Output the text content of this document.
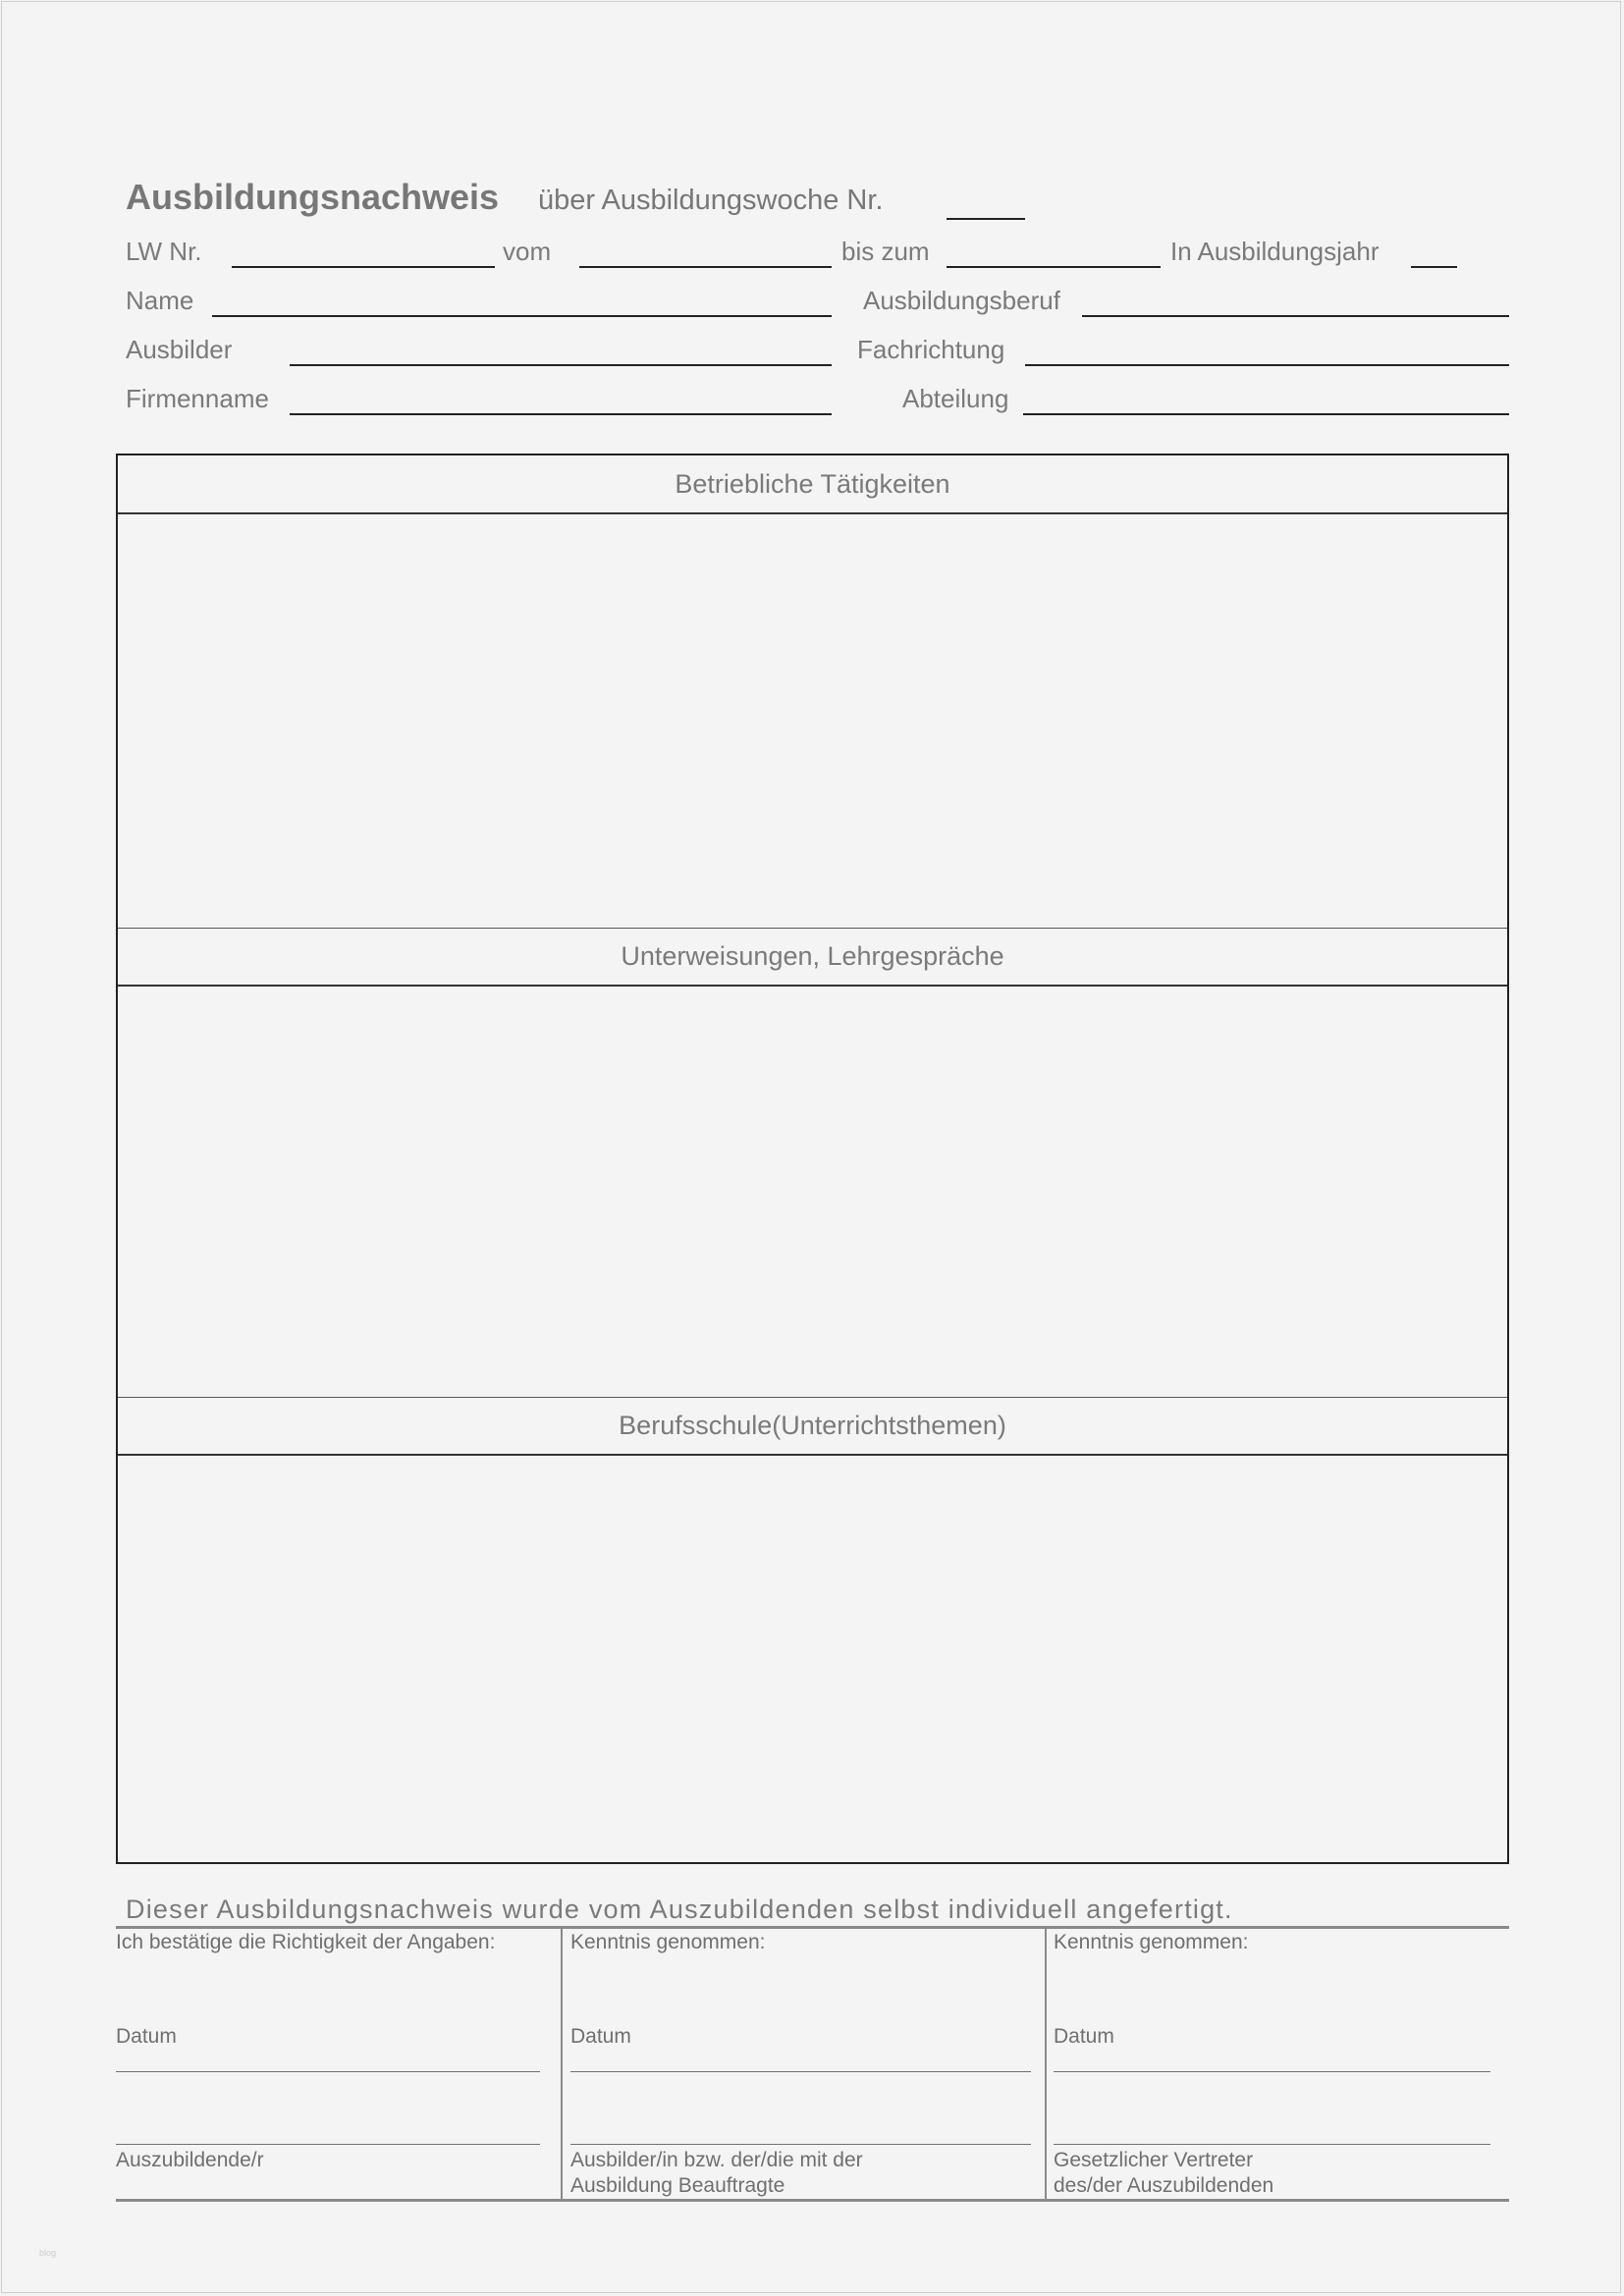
Ausbildungsnachweis über Ausbildungswoche Nr.
LW Nr.	vom	bis zum	In Ausbildungsjahr
Name	Ausbildungsberuf
Ausbilder	Fachrichtung
Firmenname	Abteilung
Betriebliche Tätigkeiten
Unterweisungen, Lehrgespräche
Berufsschule(Unterrichtsthemen)
Dieser Ausbildungsnachweis wurde vom Auszubildenden selbst individuell angefertigt.
Ich bestätige die Richtigkeit der Angaben:
Datum
Auszubildende/r
Kenntnis genommen:
Datum
Ausbilder/in bzw. der/die mit der
Ausbildung Beauftragte
Kenntnis genommen:
Datum
Gesetzlicher Vertreter
des/der Auszubildenden
blog
